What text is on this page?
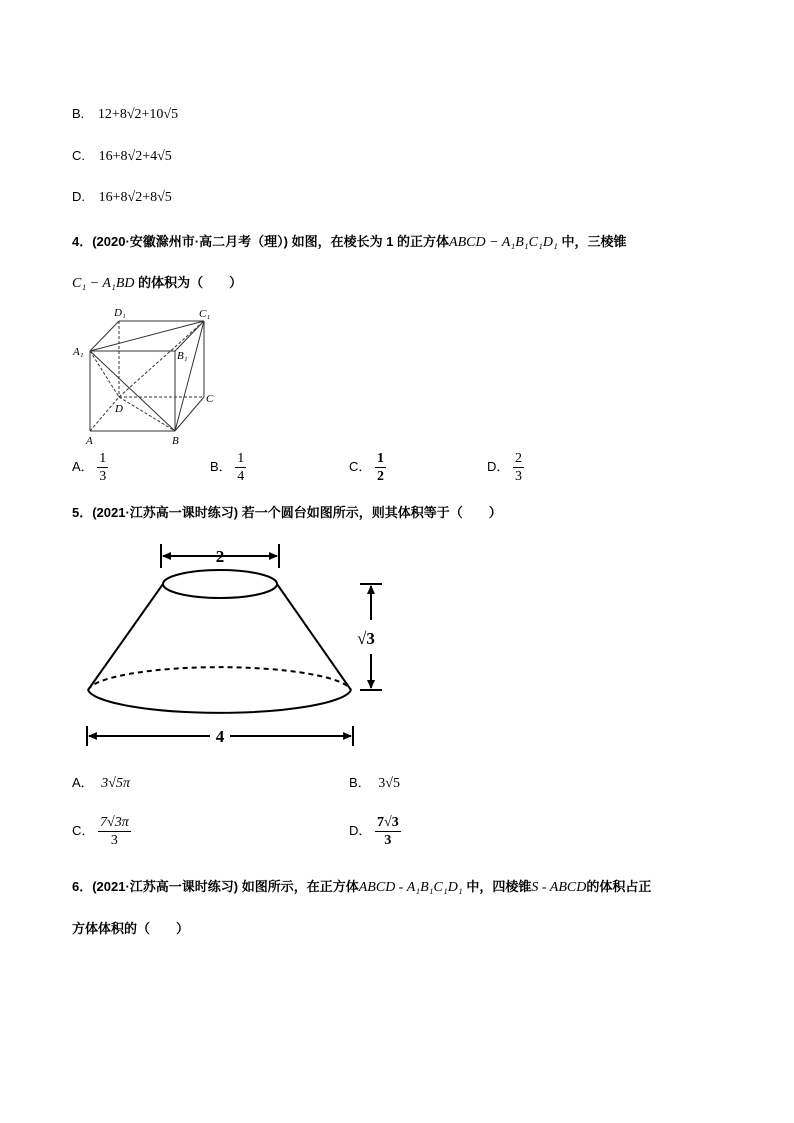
B. 12+8√2+10√5
C. 16+8√2+4√5
D. 16+8√2+8√5
4．(2020·安徽滁州市·高二月考（理）) 如图，在棱长为 1 的正方体ABCD − A₁B₁C₁D₁ 中，三棱锥
C₁ − A₁BD 的体积为（　　）
D₁	C₁
A₁	B₁
D
C
A	B
A． $\frac{1}{3}$	B． $\frac{1}{4}$	C． $\frac{1}{2}$	D． $\frac{2}{3}$
5．(2021·江苏高一课时练习) 若一个圆台如图所示，则其体积等于（　　）
2
√3
4
A． 3√5π	B． 3√5
C． $\frac{7√3\pi}{3}$	D． $\frac{7√3}{3}$
6．(2021·江苏高一课时练习) 如图所示，在正方体ABCD - A₁B₁C₁D₁ 中，四棱锥S - ABCD的体积占正
方体体积的（　　）
